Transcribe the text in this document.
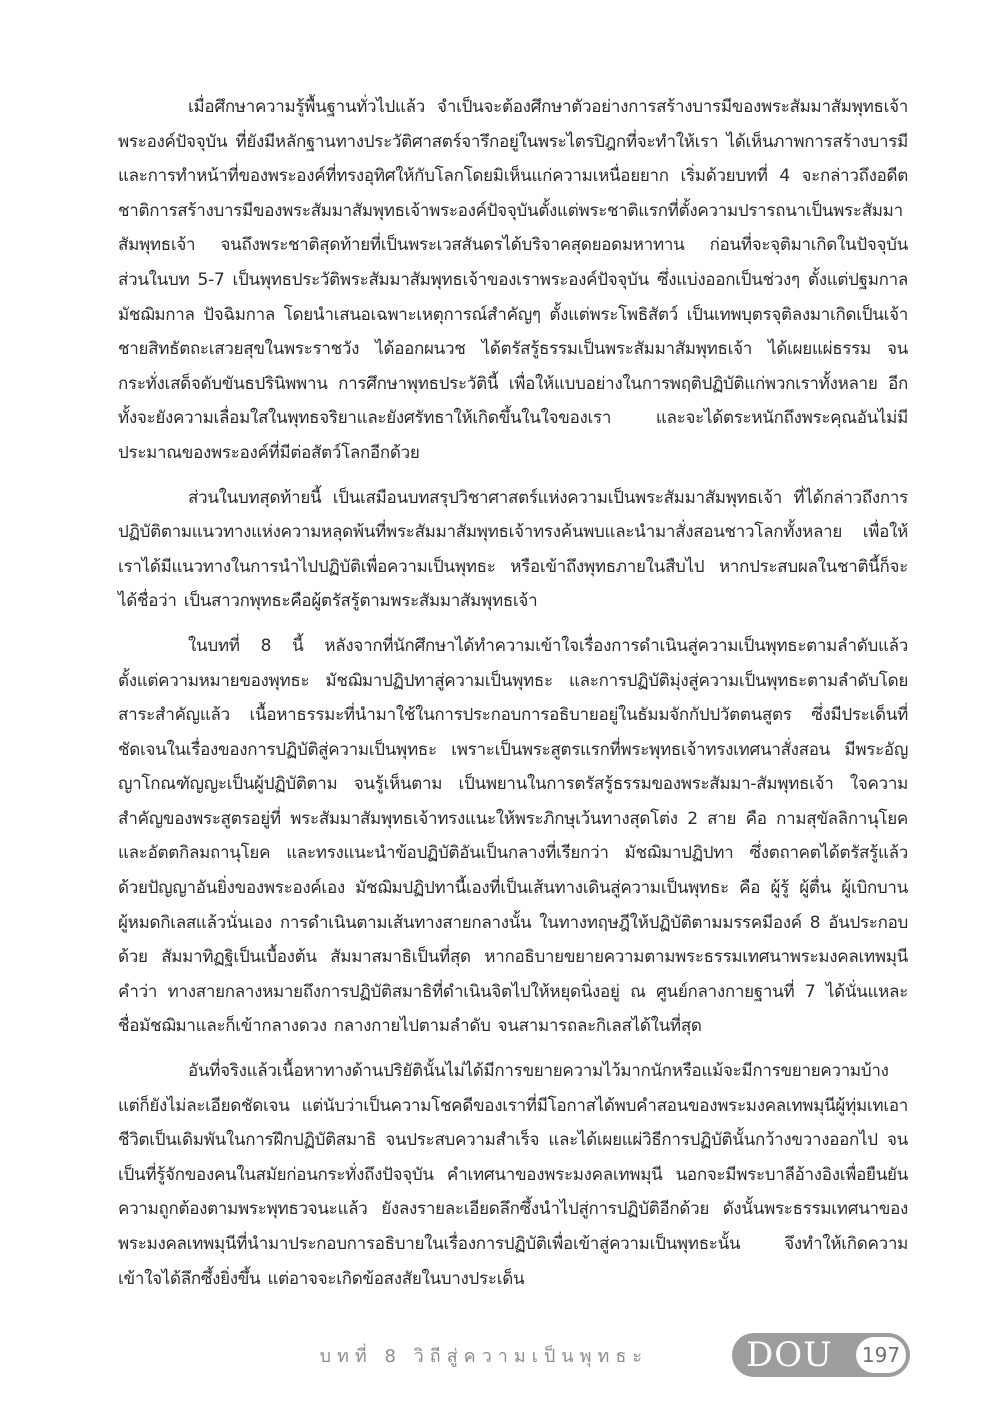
เมื่อศึกษาความรู้พื้นฐานทั่วไปแล้ว จำเป็นจะต้องศึกษาตัวอย่างการสร้างบารมีของพระสัมมาสัมพุทธเจ้าพระองค์ปัจจุบัน ที่ยังมีหลักฐานทางประวัติศาสตร์จารึกอยู่ในพระไตรปิฎกที่จะทำให้เรา ได้เห็นภาพการสร้างบารมี และการทำหน้าที่ของพระองค์ที่ทรงอุทิศให้กับโลกโดยมิเห็นแก่ความเหนื่อยยาก เริ่มด้วยบทที่ 4 จะกล่าวถึงอดีตชาติการสร้างบารมีของพระสัมมาสัมพุทธเจ้าพระองค์ปัจจุบันตั้งแต่พระชาติแรกที่ตั้งความปรารถนาเป็นพระสัมมาสัมพุทธเจ้า จนถึงพระชาติสุดท้ายที่เป็นพระเวสสันดรได้บริจาคสุดยอดมหาทาน ก่อนที่จะจุติมาเกิดในปัจจุบัน ส่วนในบท 5-7 เป็นพุทธประวัติพระสัมมาสัมพุทธเจ้าของเราพระองค์ปัจจุบัน ซึ่งแบ่งออกเป็นช่วงๆ ตั้งแต่ปฐมกาล มัชฌิมกาล ปัจฉิมกาล โดยนำเสนอเฉพาะเหตุการณ์สำคัญๆ ตั้งแต่พระโพธิสัตว์ เป็นเทพบุตรจุติลงมาเกิดเป็นเจ้าชายสิทธัตถะเสวยสุขในพระราชวัง ได้ออกผนวช ได้ตรัสรู้ธรรมเป็นพระสัมมาสัมพุทธเจ้า ได้เผยแผ่ธรรม จนกระทั่งเสด็จดับขันธปรินิพพาน การศึกษาพุทธประวัตินี้ เพื่อให้แบบอย่างในการพฤติปฏิบัติแก่พวกเราทั้งหลาย อีกทั้งจะยังความเลื่อมใสในพุทธจริยาและยังศรัทธาให้เกิดขึ้นในใจของเรา และจะได้ตระหนักถึงพระคุณอันไม่มีประมาณของพระองค์ที่มีต่อสัตว์โลกอีกด้วย

ส่วนในบทสุดท้ายนี้ เป็นเสมือนบทสรุปวิชาศาสตร์แห่งความเป็นพระสัมมาสัมพุทธเจ้า ที่ได้กล่าวถึงการปฏิบัติตามแนวทางแห่งความหลุดพ้นที่พระสัมมาสัมพุทธเจ้าทรงค้นพบและนำมาสั่งสอนชาวโลกทั้งหลาย เพื่อให้เราได้มีแนวทางในการนำไปปฏิบัติเพื่อความเป็นพุทธะ หรือเข้าถึงพุทธภายในสืบไป หากประสบผลในชาตินี้ก็จะได้ชื่อว่า เป็นสาวกพุทธะคือผู้ตรัสรู้ตามพระสัมมาสัมพุทธเจ้า

ในบทที่ 8 นี้ หลังจากที่นักศึกษาได้ทำความเข้าใจเรื่องการดำเนินสู่ความเป็นพุทธะตามลำดับแล้ว ตั้งแต่ความหมายของพุทธะ มัชฌิมาปฏิปทาสู่ความเป็นพุทธะ และการปฏิบัติมุ่งสู่ความเป็นพุทธะตามลำดับโดยสาระสำคัญแล้ว เนื้อหาธรรมะที่นำมาใช้ในการประกอบการอธิบายอยู่ในธัมมจักกัปปวัตตนสูตร ซึ่งมีประเด็นที่ชัดเจนในเรื่องของการปฏิบัติสู่ความเป็นพุทธะ เพราะเป็นพระสูตรแรกที่พระพุทธเจ้าทรงเทศนาสั่งสอน มีพระอัญญาโกณฑัญญะเป็นผู้ปฏิบัติตาม จนรู้เห็นตาม เป็นพยานในการตรัสรู้ธรรมของพระสัมมา-สัมพุทธเจ้า ใจความสำคัญของพระสูตรอยู่ที่ พระสัมมาสัมพุทธเจ้าทรงแนะให้พระภิกษุเว้นทางสุดโต่ง 2 สาย คือ กามสุขัลลิกานุโยค และอัตตกิลมถานุโยค และทรงแนะนำข้อปฏิบัติอันเป็นกลางที่เรียกว่า มัชฌิมาปฏิปทา ซึ่งตถาคตได้ตรัสรู้แล้ว ด้วยปัญญาอันยิ่งของพระองค์เอง มัชฌิมปฏิปทานี้เองที่เป็นเส้นทางเดินสู่ความเป็นพุทธะ คือ ผู้รู้ ผู้ตื่น ผู้เบิกบาน ผู้หมดกิเลสแล้วนั่นเอง การดำเนินตามเส้นทางสายกลางนั้น ในทางทฤษฎีให้ปฏิบัติตามมรรคมีองค์ 8 อันประกอบด้วย สัมมาทิฏฐิเป็นเบื้องต้น สัมมาสมาธิเป็นที่สุด หากอธิบายขยายความตามพระธรรมเทศนาพระมงคลเทพมุนี คำว่า ทางสายกลางหมายถึงการปฏิบัติสมาธิที่ดำเนินจิตไปให้หยุดนิ่งอยู่ ณ ศูนย์กลางกายฐานที่ 7 ได้นั่นแหละชื่อมัชฌิมาและก็เข้ากลางดวง กลางกายไปตามลำดับ จนสามารถละกิเลสได้ในที่สุด

อันที่จริงแล้วเนื้อหาทางด้านปริยัตินั้นไม่ได้มีการขยายความไว้มากนักหรือแม้จะมีการขยายความบ้างแต่ก็ยังไม่ละเอียดชัดเจน แต่นับว่าเป็นความโชคดีของเราที่มีโอกาสได้พบคำสอนของพระมงคลเทพมุนีผู้ทุ่มเทเอาชีวิตเป็นเดิมพันในการฝึกปฏิบัติสมาธิ จนประสบความสำเร็จ และได้เผยแผ่วิธีการปฏิบัตินั้นกว้างขวางออกไป จนเป็นที่รู้จักของคนในสมัยก่อนกระทั่งถึงปัจจุบัน คำเทศนาของพระมงคลเทพมุนี นอกจะมีพระบาลีอ้างอิงเพื่อยืนยันความถูกต้องตามพระพุทธวจนะแล้ว ยังลงรายละเอียดลึกซึ้งนำไปสู่การปฏิบัติอีกด้วย ดังนั้นพระธรรมเทศนาของพระมงคลเทพมุนีที่นำมาประกอบการอธิบายในเรื่องการปฏิบัติเพื่อเข้าสู่ความเป็นพุทธะนั้น จึงทำให้เกิดความเข้าใจได้ลึกซึ้งยิ่งขึ้น แต่อาจจะเกิดข้อสงสัยในบางประเด็น

บทที่ 8 วิถีสู่ความเป็นพุทธะ	DOU 197
